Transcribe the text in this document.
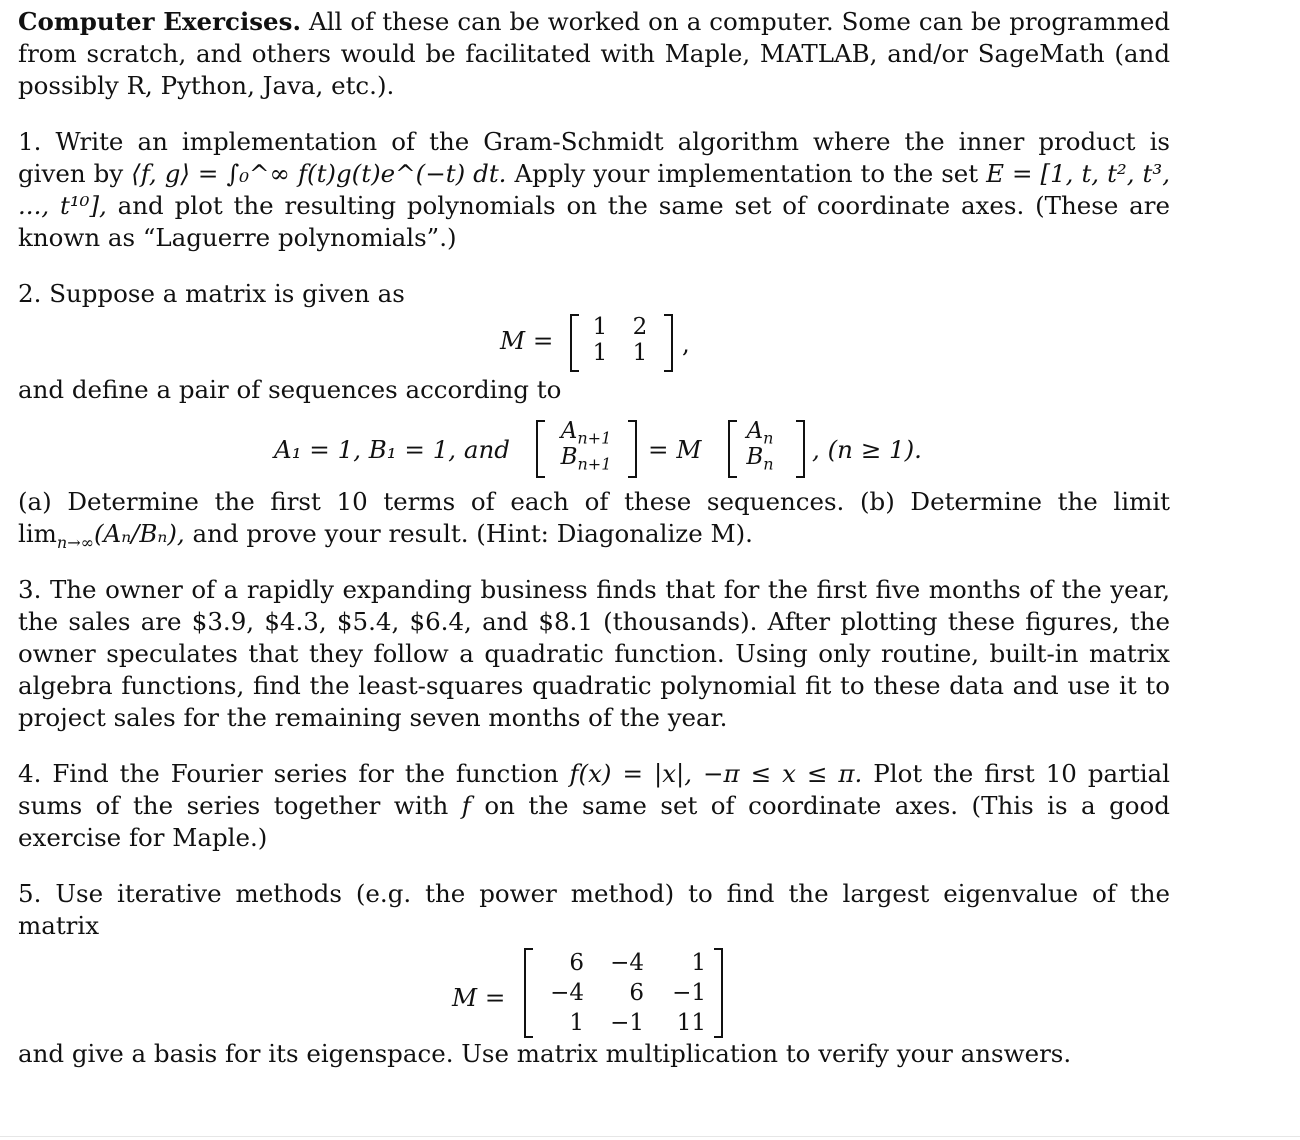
Computer Exercises. All of these can be worked on a computer. Some can be programmed from scratch, and others would be facilitated with Maple, MATLAB, and/or SageMath (and possibly R, Python, Java, etc.).

1. Write an implementation of the Gram-Schmidt algorithm where the inner product is given by ⟨f, g⟩ = ∫₀^∞ f(t)g(t)e^(−t) dt. Apply your implementation to the set E = [1, t, t², t³, ..., t¹⁰], and plot the resulting polynomials on the same set of coordinate axes. (These are known as “Laguerre polynomials”.)

2. Suppose a matrix is given as

M =	1	2
1	1	,

and define a pair of sequences according to

A₁ = 1, B₁ = 1, and
$A_{n+1}$
$B_{n+1}$
= M
$A_n$
$B_n$
, (n ≥ 1).

(a) Determine the first 10 terms of each of these sequences. (b) Determine the limit $\lim_{n\to\infty}(A_n/B_n)$, and prove your result. (Hint: Diagonalize M).

3. The owner of a rapidly expanding business finds that for the first five months of the year, the sales are $3.9, $4.3, $5.4, $6.4, and $8.1 (thousands). After plotting these figures, the owner speculates that they follow a quadratic function. Using only routine, built-in matrix algebra functions, find the least-squares quadratic polynomial fit to these data and use it to project sales for the remaining seven months of the year.

4. Find the Fourier series for the function f(x) = |x|, −π ≤ x ≤ π. Plot the first 10 partial sums of the series together with f on the same set of coordinate axes. (This is a good exercise for Maple.)

5. Use iterative methods (e.g. the power method) to find the largest eigenvalue of the matrix

M =
6	−4	1
−4	6	−1
1	−1	11

and give a basis for its eigenspace. Use matrix multiplication to verify your answers.
